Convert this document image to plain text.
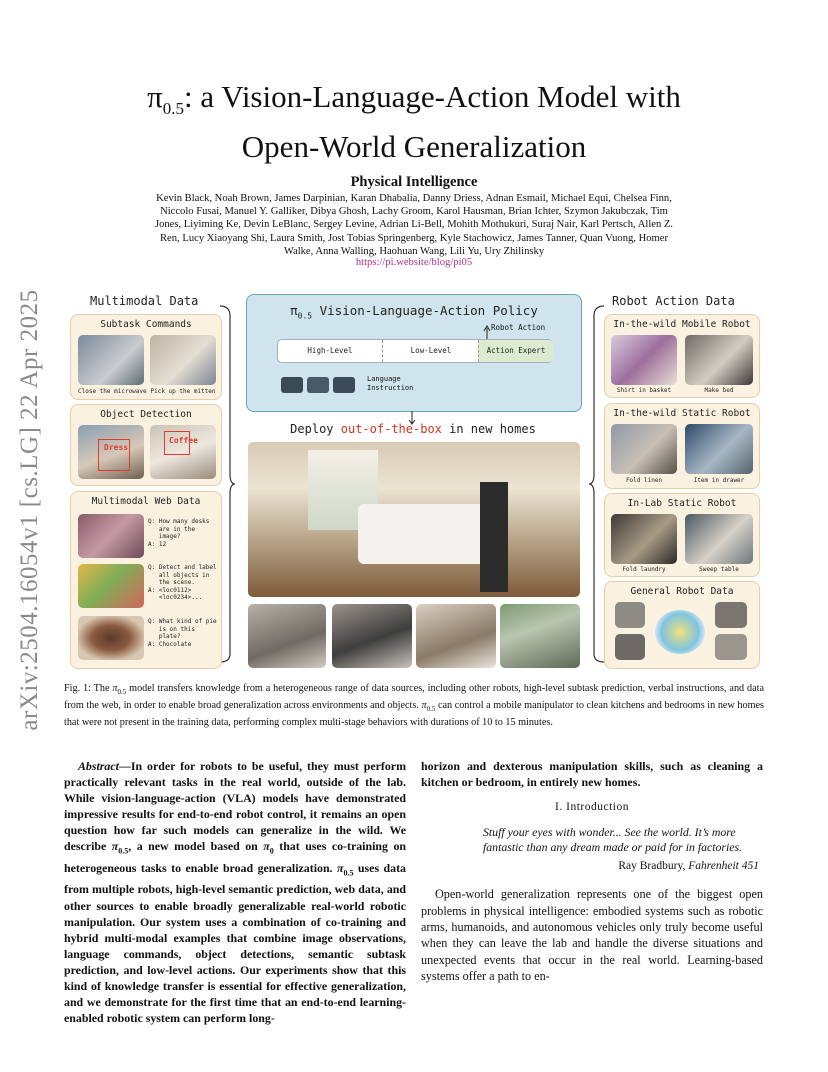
arXiv:2504.16054v1 [cs.LG] 22 Apr 2025
$\pi_{0.5}$: a Vision-Language-Action Model with
Open-World Generalization
Physical Intelligence
Kevin Black, Noah Brown, James Darpinian, Karan Dhabalia, Danny Driess, Adnan Esmail, Michael Equi, Chelsea Finn, Niccolo Fusai, Manuel Y. Galliker, Dibya Ghosh, Lachy Groom, Karol Hausman, Brian Ichter, Szymon Jakubczak, Tim Jones, Liyiming Ke, Devin LeBlanc, Sergey Levine, Adrian Li-Bell, Mohith Mothukuri, Suraj Nair, Karl Pertsch, Allen Z. Ren, Lucy Xiaoyang Shi, Laura Smith, Jost Tobias Springenberg, Kyle Stachowicz, James Tanner, Quan Vuong, Homer Walke, Anna Walling, Haohuan Wang, Lili Yu, Ury Zhilinsky
https://pi.website/blog/pi05
Multimodal Data
Subtask Commands
Close the microwave Pick up the mitten
Object Detection
Dress
Coffee
Multimodal Web Data
Q: How many desks
are in the
image?
A: 12
Q: Detect and label
all objects in
the scene.
A: <loc0112>
<loc0234>...
Q: What kind of pie
is on this
plate?
A: Chocolate
$\pi_{0.5}$ Vision-Language-Action Policy
Robot Action
High-Level	Low-Level	Action Expert
Language
Instruction
Deploy out-of-the-box in new homes
Robot Action Data
In-the-wild Mobile Robot
Shirt in basket	Make bed
In-the-wild Static Robot
Fold linen	Item in drawer
In-Lab Static Robot
Fold laundry	Sweep table
General Robot Data
Fig. 1: The $\pi_{0.5}$ model transfers knowledge from a heterogeneous range of data sources, including other robots, high-level subtask prediction, verbal instructions, and data from the web, in order to enable broad generalization across environments and objects. $\pi_{0.5}$ can control a mobile manipulator to clean kitchens and bedrooms in new homes that were not present in the training data, performing complex multi-stage behaviors with durations of 10 to 15 minutes.
Abstract—In order for robots to be useful, they must perform practically relevant tasks in the real world, outside of the lab. While vision-language-action (VLA) models have demonstrated impressive results for end-to-end robot control, it remains an open question how far such models can generalize in the wild. We describe $\pi_{0.5}$, a new model based on $\pi_0$ that uses co-training on heterogeneous tasks to enable broad generalization. $\pi_{0.5}$ uses data from multiple robots, high-level semantic prediction, web data, and other sources to enable broadly generalizable real-world robotic manipulation. Our system uses a combination of co-training and hybrid multi-modal examples that combine image observations, language commands, object detections, semantic subtask prediction, and low-level actions. Our experiments show that this kind of knowledge transfer is essential for effective generalization, and we demonstrate for the first time that an end-to-end learning-enabled robotic system can perform long-
horizon and dexterous manipulation skills, such as cleaning a kitchen or bedroom, in entirely new homes.
I. Introduction
Stuff your eyes with wonder... See the world. It’s more fantastic than any dream made or paid for in factories.
Ray Bradbury, Fahrenheit 451
Open-world generalization represents one of the biggest open problems in physical intelligence: embodied systems such as robotic arms, humanoids, and autonomous vehicles only truly become useful when they can leave the lab and handle the diverse situations and unexpected events that occur in the real world. Learning-based systems offer a path to en-
